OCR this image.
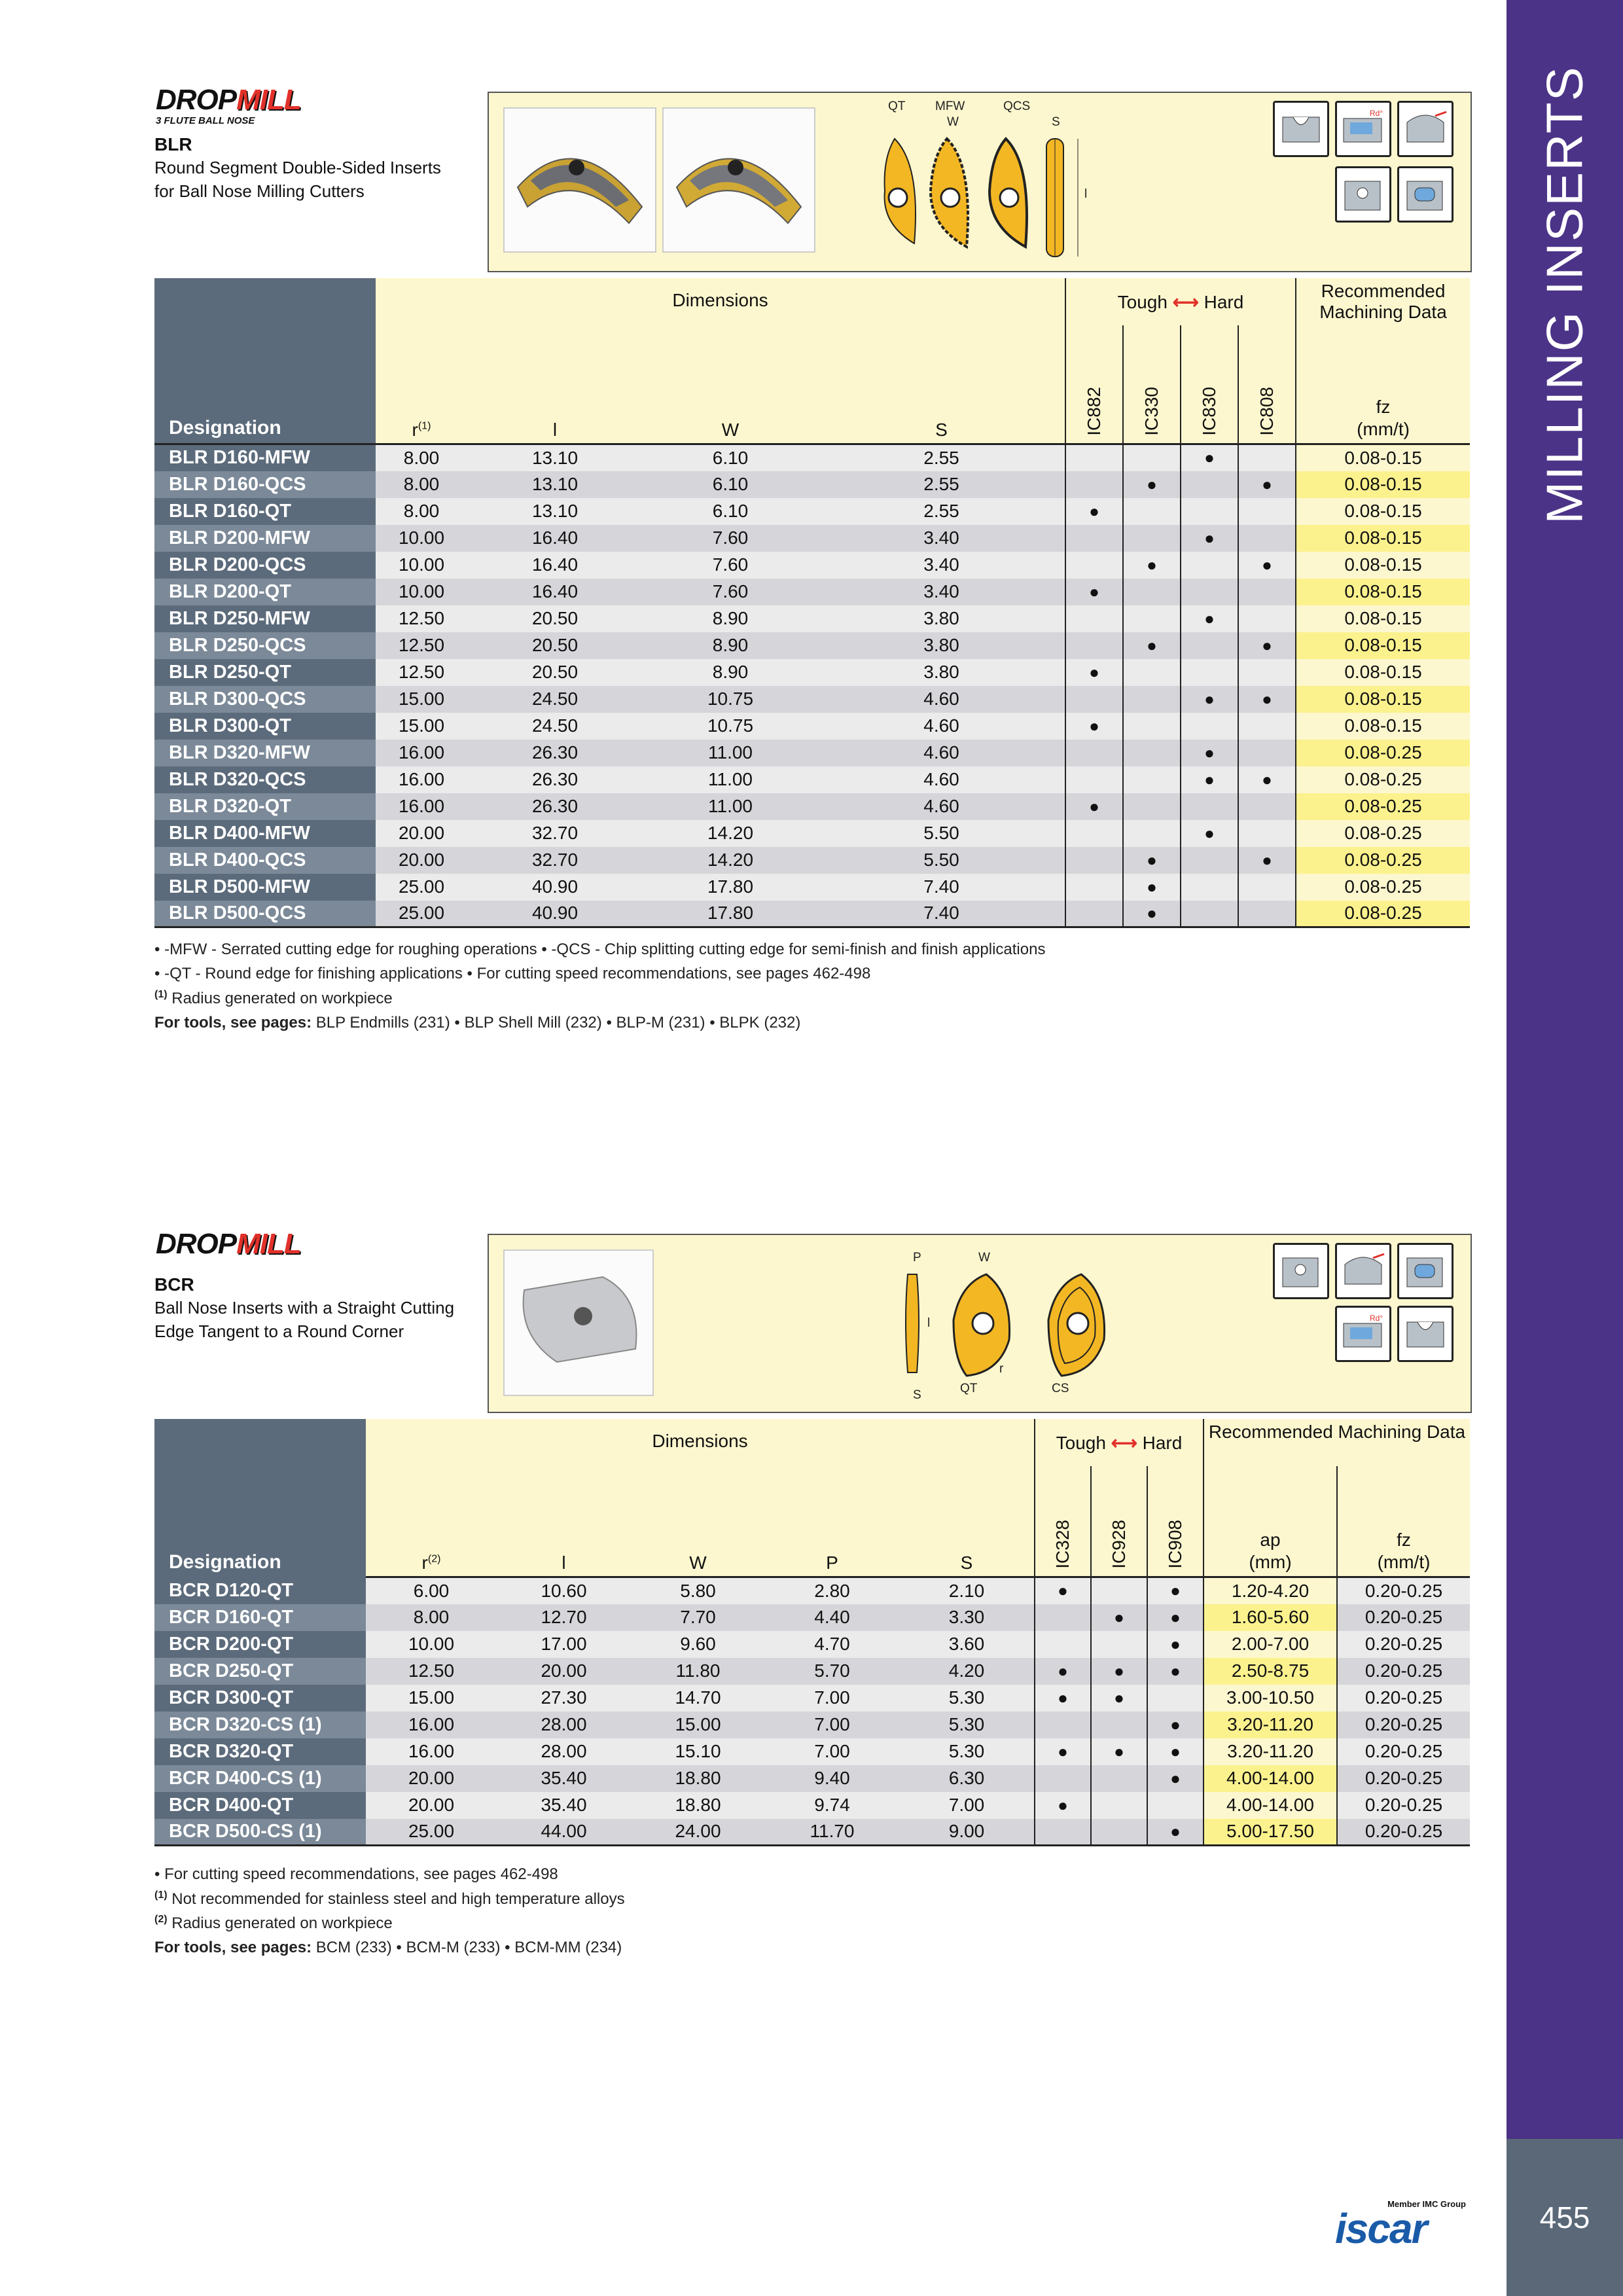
MILLING INSERTS
455
DROPMILL
3 FLUTE BALL NOSE
BLR
Round Segment Double-Sided Inserts for Ball Nose Milling Cutters
QT MFW	QCS
W	S
l
Rd°
Designation	Dimensions				Tough ⟷ Hard				Recommended Machining Data
	$r^{(1)}$	l	W	S	IC882	IC330	IC830	IC808	fz
(mm/t)
BLR D160-MFW	8.00	13.10	6.10	2.55			●		0.08-0.15
BLR D160-QCS	8.00	13.10	6.10	2.55		●		●	0.08-0.15
BLR D160-QT	8.00	13.10	6.10	2.55	●				0.08-0.15
BLR D200-MFW	10.00	16.40	7.60	3.40			●		0.08-0.15
BLR D200-QCS	10.00	16.40	7.60	3.40		●		●	0.08-0.15
BLR D200-QT	10.00	16.40	7.60	3.40	●				0.08-0.15
BLR D250-MFW	12.50	20.50	8.90	3.80			●		0.08-0.15
BLR D250-QCS	12.50	20.50	8.90	3.80		●		●	0.08-0.15
BLR D250-QT	12.50	20.50	8.90	3.80	●				0.08-0.15
BLR D300-QCS	15.00	24.50	10.75	4.60			●	●	0.08-0.15
BLR D300-QT	15.00	24.50	10.75	4.60	●				0.08-0.15
BLR D320-MFW	16.00	26.30	11.00	4.60			●		0.08-0.25
BLR D320-QCS	16.00	26.30	11.00	4.60			●	●	0.08-0.25
BLR D320-QT	16.00	26.30	11.00	4.60	●				0.08-0.25
BLR D400-MFW	20.00	32.70	14.20	5.50			●		0.08-0.25
BLR D400-QCS	20.00	32.70	14.20	5.50		●		●	0.08-0.25
BLR D500-MFW	25.00	40.90	17.80	7.40		●			0.08-0.25
BLR D500-QCS	25.00	40.90	17.80	7.40		●			0.08-0.25
• -MFW - Serrated cutting edge for roughing operations • -QCS - Chip splitting cutting edge for semi-finish and finish applications
• -QT - Round edge for finishing applications • For cutting speed recommendations, see pages 462-498
$^{(1)}$ Radius generated on workpiece
For tools, see pages: BLP Endmills (231) • BLP Shell Mill (232) • BLP-M (231) • BLPK (232)
DROPMILL
BCR
Ball Nose Inserts with a Straight Cutting Edge Tangent to a Round Corner
P	W
S	QT	CS
l
r
Rd°
Designation	Dimensions					Tough ⟷ Hard			Recommended Machining Data	
	$r^{(2)}$	l	W	P	S	IC328	IC928	IC908	ap
(mm)	fz
(mm/t)
BCR D120-QT	6.00	10.60	5.80	2.80	2.10	●		●	1.20-4.20	0.20-0.25
BCR D160-QT	8.00	12.70	7.70	4.40	3.30		●	●	1.60-5.60	0.20-0.25
BCR D200-QT	10.00	17.00	9.60	4.70	3.60			●	2.00-7.00	0.20-0.25
BCR D250-QT	12.50	20.00	11.80	5.70	4.20	●	●	●	2.50-8.75	0.20-0.25
BCR D300-QT	15.00	27.30	14.70	7.00	5.30	●	●		3.00-10.50	0.20-0.25
BCR D320-CS (1)	16.00	28.00	15.00	7.00	5.30			●	3.20-11.20	0.20-0.25
BCR D320-QT	16.00	28.00	15.10	7.00	5.30	●	●	●	3.20-11.20	0.20-0.25
BCR D400-CS (1)	20.00	35.40	18.80	9.40	6.30			●	4.00-14.00	0.20-0.25
BCR D400-QT	20.00	35.40	18.80	9.74	7.00	●			4.00-14.00	0.20-0.25
BCR D500-CS (1)	25.00	44.00	24.00	11.70	9.00			●	5.00-17.50	0.20-0.25
• For cutting speed recommendations, see pages 462-498
$^{(1)}$ Not recommended for stainless steel and high temperature alloys
$^{(2)}$ Radius generated on workpiece
For tools, see pages: BCM (233) • BCM-M (233) • BCM-MM (234)
Member IMC Group
iscar
